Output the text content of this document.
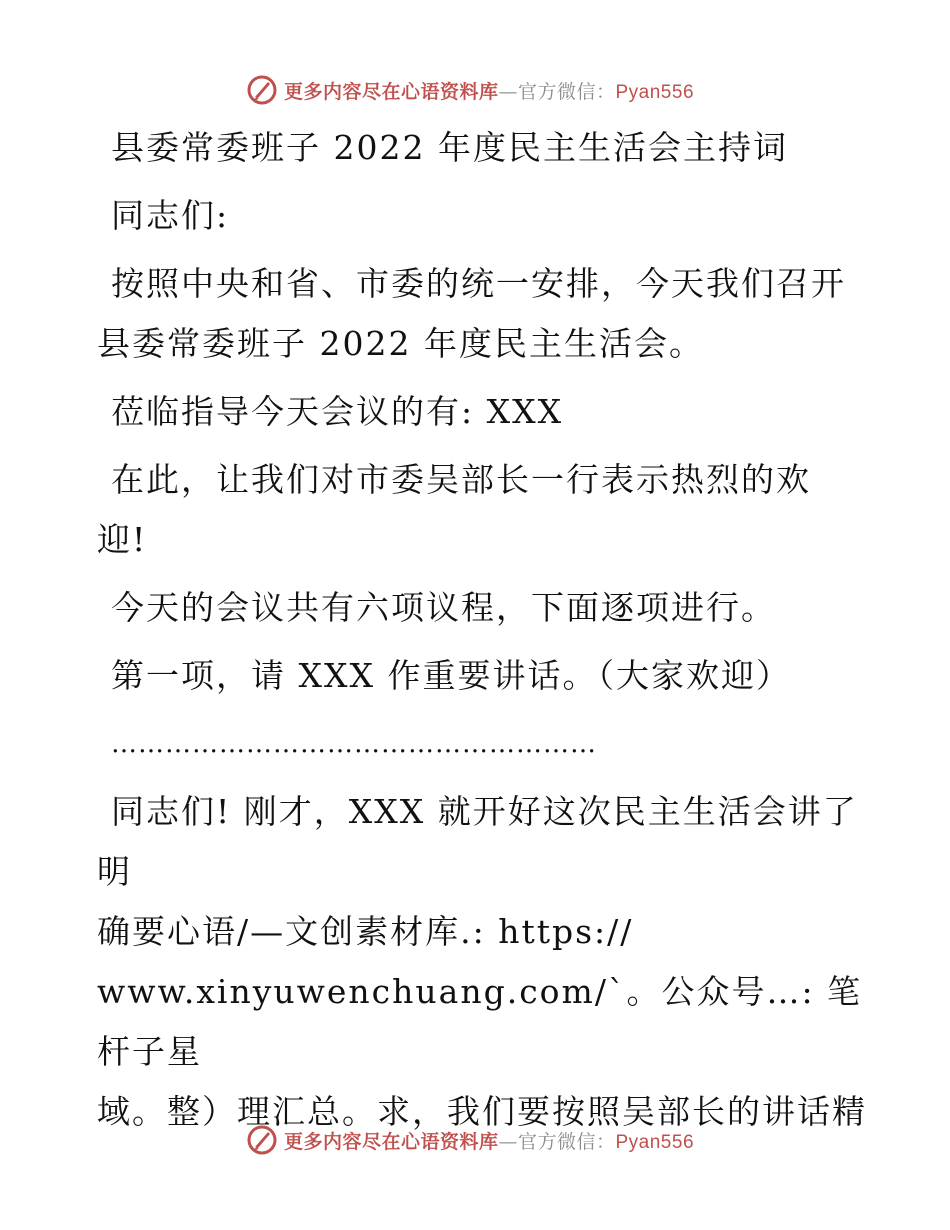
更多内容尽在心语资料库—官方微信：Pyan556

县委常委班子 2022 年度民主生活会主持词

同志们:

按照中央和省、市委的统一安排，今天我们召开

县委常委班子 2022 年度民主生活会。

莅临指导今天会议的有: XXX

在此，让我们对市委吴部长一行表示热烈的欢

迎!

今天的会议共有六项议程，下面逐项进行。

第一项，请 XXX 作重要讲话。（大家欢迎）

………………………………………………

同志们! 刚才，XXX 就开好这次民主生活会讲了明

确要心语/—文创素材库.: https://

www.xinyuwenchuang.com/`。公众号…: 笔杆子星

域。整）理汇总。求，我们要按照吴部长的讲话精

更多内容尽在心语资料库—官方微信：Pyan556
